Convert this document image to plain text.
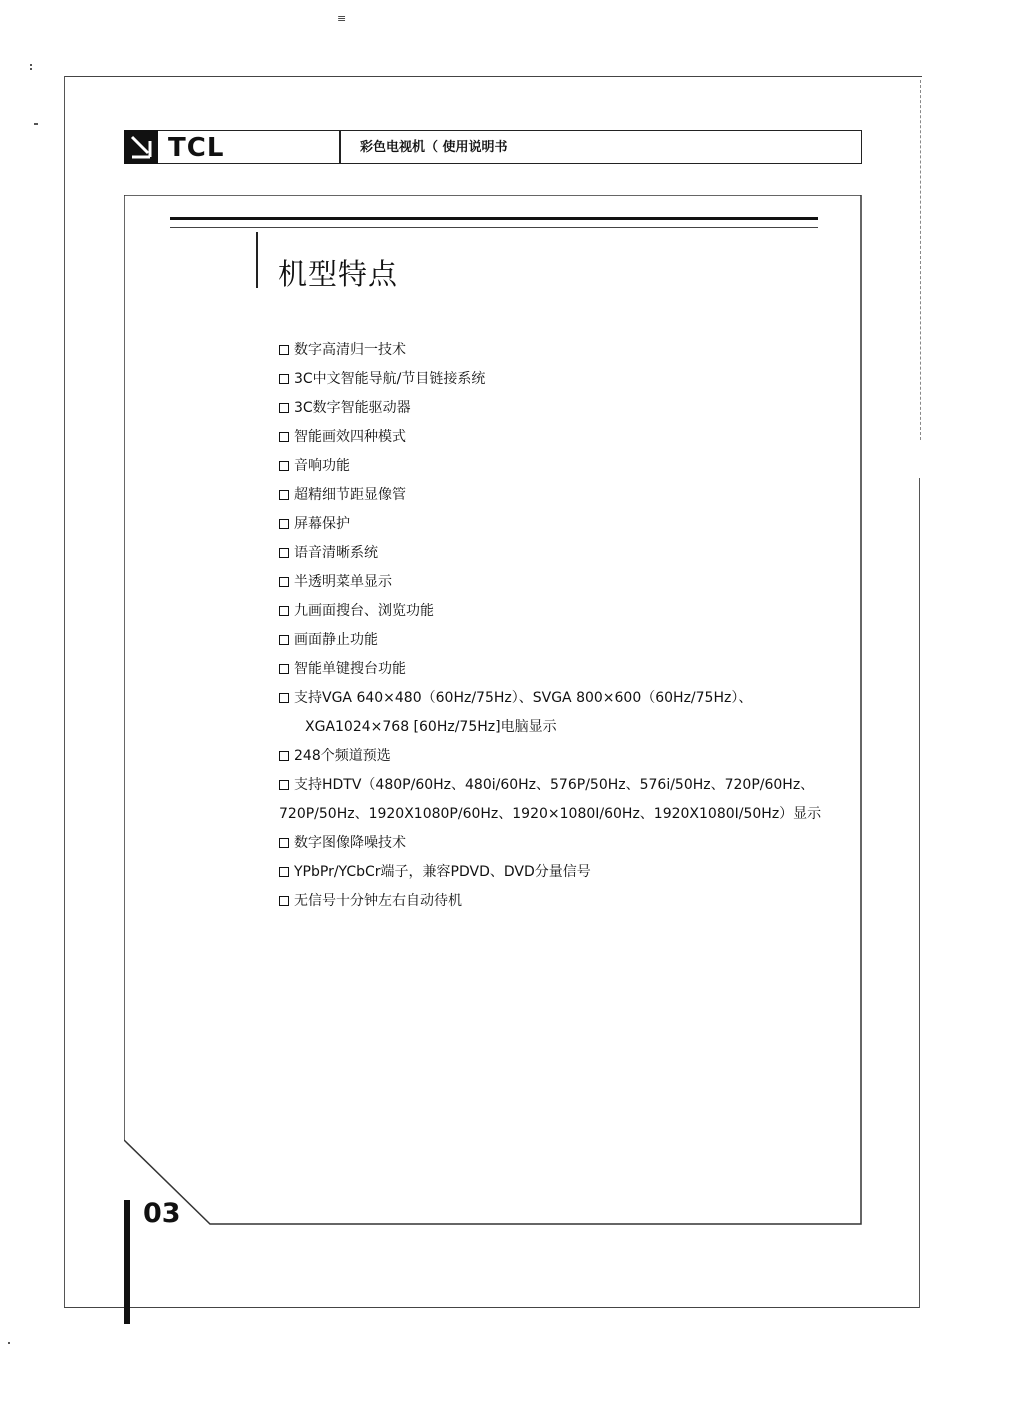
≡
TCL	彩色电视机（ 使用说明书
机型特点
数字高清归一技术
3C中文智能导航/节目链接系统
3C数字智能驱动器
智能画效四种模式
音响功能
超精细节距显像管
屏幕保护
语音清晰系统
半透明菜单显示
九画面搜台、浏览功能
画面静止功能
智能单键搜台功能
支持VGA 640×480（60Hz/75Hz）、SVGA 800×600（60Hz/75Hz）、
XGA1024×768 [60Hz/75Hz]电脑显示
248个频道预选
支持HDTV（480P/60Hz、480i/60Hz、576P/50Hz、576i/50Hz、720P/60Hz、
720P/50Hz、1920X1080P/60Hz、1920×1080I/60Hz、1920X1080I/50Hz）显示
数字图像降噪技术
YPbPr/YCbCr端子，兼容PDVD、DVD分量信号
无信号十分钟左右自动待机
03
